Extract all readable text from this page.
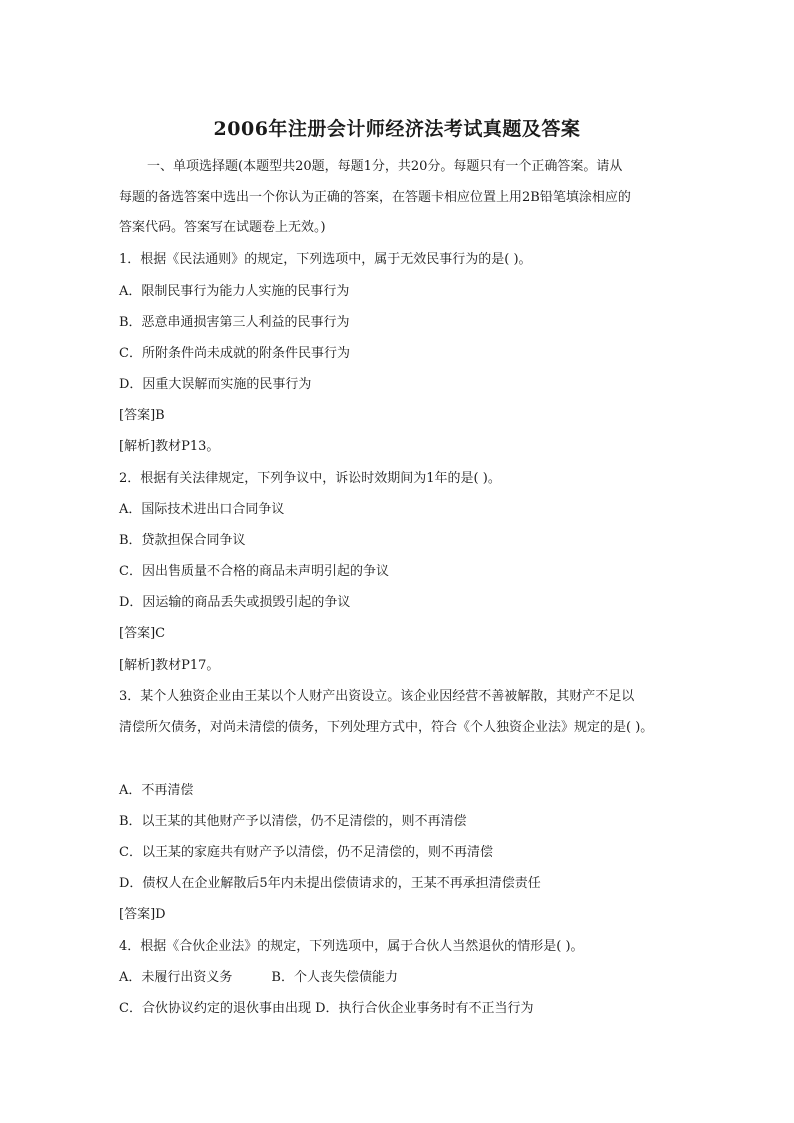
2006年注册会计师经济法考试真题及答案
一、单项选择题(本题型共20题，每题1分，共20分。每题只有一个正确答案。请从
每题的备选答案中选出一个你认为正确的答案，在答题卡相应位置上用2B铅笔填涂相应的
答案代码。答案写在试题卷上无效。)
1．根据《民法通则》的规定，下列选项中，属于无效民事行为的是( )。
A．限制民事行为能力人实施的民事行为
B．恶意串通损害第三人利益的民事行为
C．所附条件尚未成就的附条件民事行为
D．因重大误解而实施的民事行为
[答案]B
[解析]教材P13。
2．根据有关法律规定，下列争议中，诉讼时效期间为1年的是( )。
A．国际技术进出口合同争议
B．贷款担保合同争议
C．因出售质量不合格的商品未声明引起的争议
D．因运输的商品丢失或损毁引起的争议
[答案]C
[解析]教材P17。
3．某个人独资企业由王某以个人财产出资设立。该企业因经营不善被解散，其财产不足以
清偿所欠债务，对尚未清偿的债务，下列处理方式中，符合《个人独资企业法》规定的是( )。
A．不再清偿
B．以王某的其他财产予以清偿，仍不足清偿的，则不再清偿
C．以王某的家庭共有财产予以清偿，仍不足清偿的，则不再清偿
D．债权人在企业解散后5年内未提出偿债请求的，王某不再承担清偿责任
[答案]D
4．根据《合伙企业法》的规定，下列选项中，属于合伙人当然退伙的情形是( )。
A．未履行出资义务　　　B．个人丧失偿债能力
C．合伙协议约定的退伙事由出现 D．执行合伙企业事务时有不正当行为
